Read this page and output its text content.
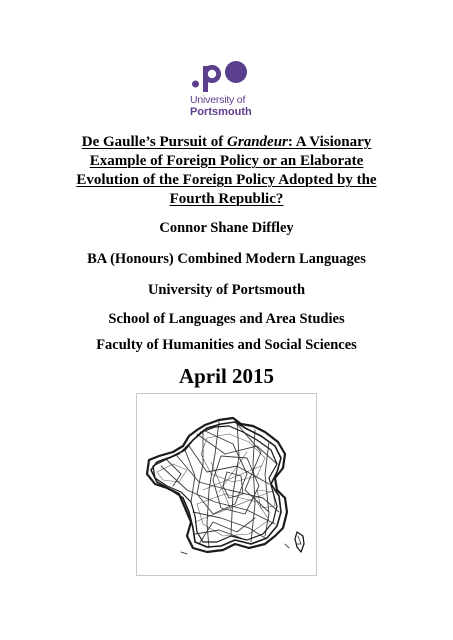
University of
Portsmouth
De Gaulle’s Pursuit of Grandeur: A Visionary
Example of Foreign Policy or an Elaborate
Evolution of the Foreign Policy Adopted by the
Fourth Republic?
Connor Shane Diffley
BA (Honours) Combined Modern Languages
University of Portsmouth
School of Languages and Area Studies
Faculty of Humanities and Social Sciences
April 2015
